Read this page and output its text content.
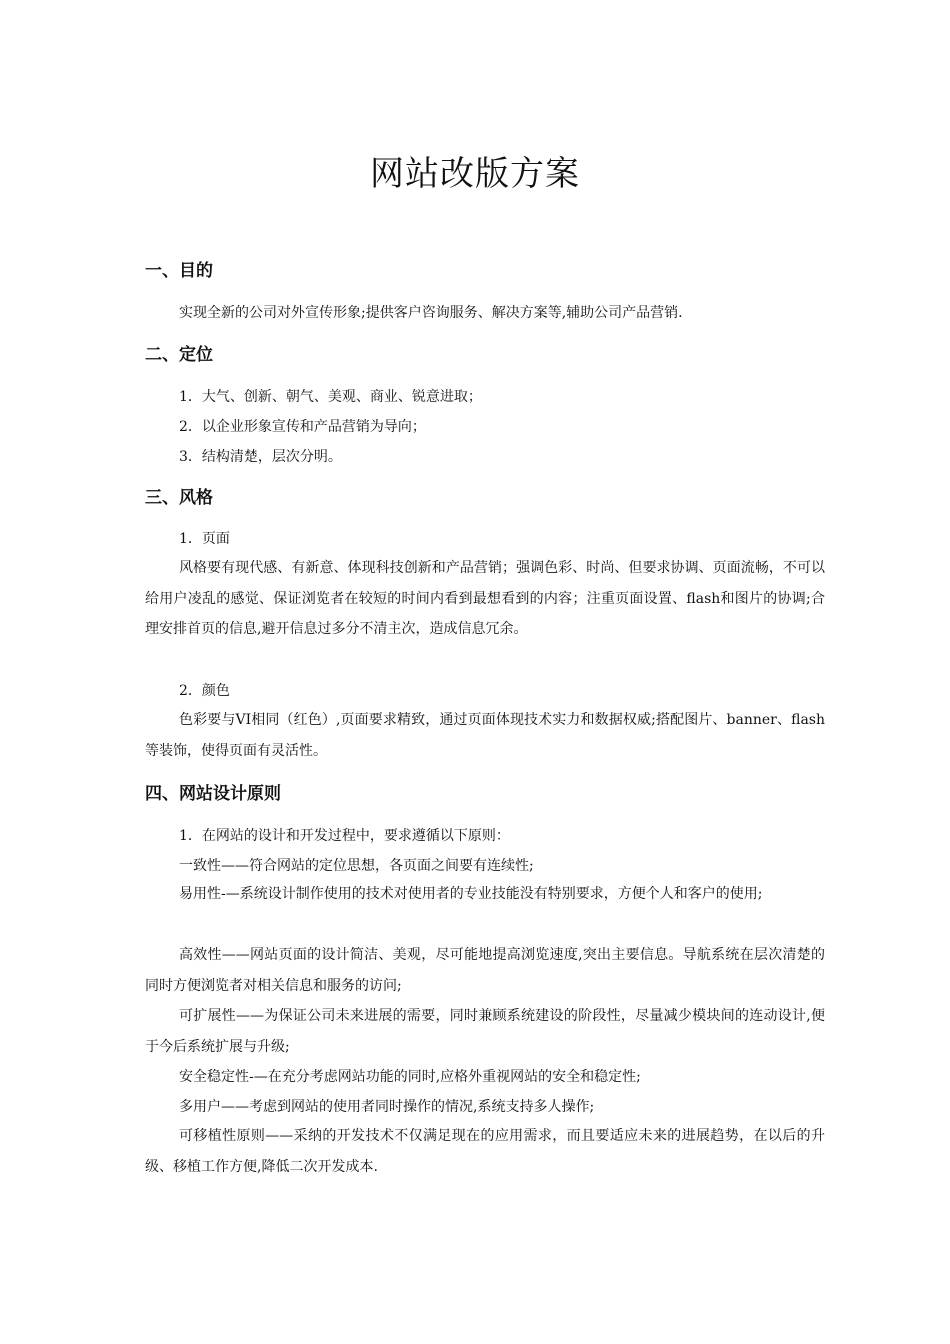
网站改版方案
一、目的
实现全新的公司对外宣传形象;提供客户咨询服务、解决方案等,辅助公司产品营销.
二、定位
1．大气、创新、朝气、美观、商业、锐意进取；
2．以企业形象宣传和产品营销为导向；
3．结构清楚，层次分明。
三、风格
1．页面
风格要有现代感、有新意、体现科技创新和产品营销；强调色彩、时尚、但要求协调、页面流畅，不可以给用户凌乱的感觉、保证浏览者在较短的时间内看到最想看到的内容；注重页面设置、flash和图片的协调;合理安排首页的信息,避开信息过多分不清主次，造成信息冗余。
2．颜色
色彩要与VI相同（红色）,页面要求精致，通过页面体现技术实力和数据权威;搭配图片、banner、flash等装饰，使得页面有灵活性。
四、网站设计原则
1．在网站的设计和开发过程中，要求遵循以下原则：
一致性——符合网站的定位思想，各页面之间要有连续性;
易用性-—系统设计制作使用的技术对使用者的专业技能没有特别要求，方便个人和客户的使用;
高效性——网站页面的设计简洁、美观，尽可能地提高浏览速度,突出主要信息。导航系统在层次清楚的同时方便浏览者对相关信息和服务的访问;
可扩展性——为保证公司未来进展的需要，同时兼顾系统建设的阶段性，尽量减少模块间的连动设计,便于今后系统扩展与升级;
安全稳定性-—在充分考虑网站功能的同时,应格外重视网站的安全和稳定性;
多用户——考虑到网站的使用者同时操作的情况,系统支持多人操作;
可移植性原则——采纳的开发技术不仅满足现在的应用需求，而且要适应未来的进展趋势，在以后的升级、移植工作方便,降低二次开发成本.
